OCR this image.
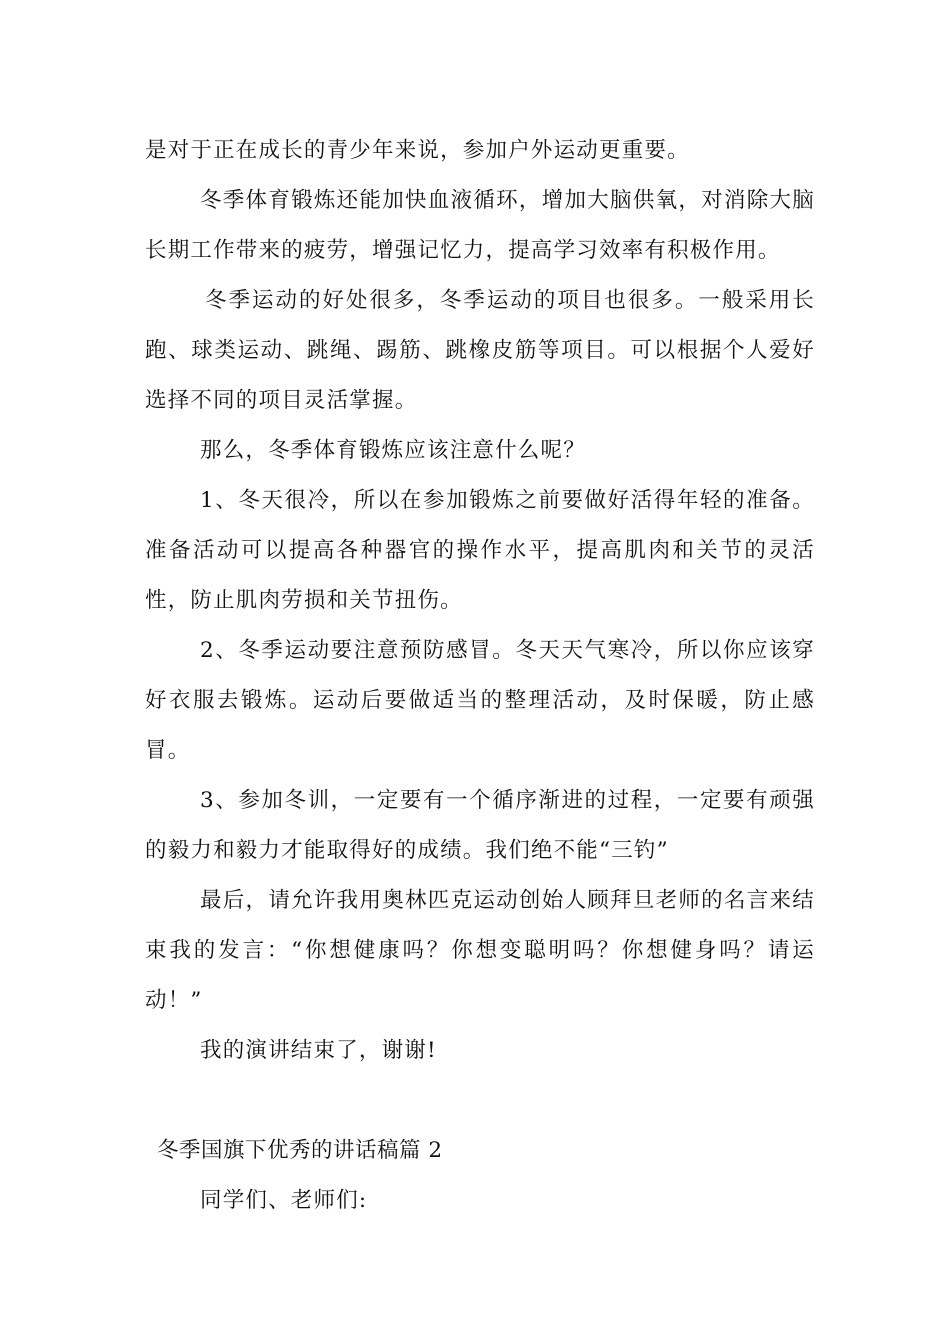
是对于正在成长的青少年来说，参加户外运动更重要。
冬季体育锻炼还能加快血液循环，增加大脑供氧，对消除大脑
长期工作带来的疲劳，增强记忆力，提高学习效率有积极作用。
冬季运动的好处很多，冬季运动的项目也很多。一般采用长
跑、球类运动、跳绳、踢筋、跳橡皮筋等项目。可以根据个人爱好
选择不同的项目灵活掌握。
那么，冬季体育锻炼应该注意什么呢？
1、冬天很冷，所以在参加锻炼之前要做好活得年轻的准备。
准备活动可以提高各种器官的操作水平，提高肌肉和关节的灵活
性，防止肌肉劳损和关节扭伤。
2、冬季运动要注意预防感冒。冬天天气寒冷，所以你应该穿
好衣服去锻炼。运动后要做适当的整理活动，及时保暖，防止感
冒。
3、参加冬训，一定要有一个循序渐进的过程，一定要有顽强
的毅力和毅力才能取得好的成绩。我们绝不能“三钓”
最后，请允许我用奥林匹克运动创始人顾拜旦老师的名言来结
束我的发言：“你想健康吗？你想变聪明吗？你想健身吗？请运
动！”
我的演讲结束了，谢谢!
冬季国旗下优秀的讲话稿篇 2
同学们、老师们:
